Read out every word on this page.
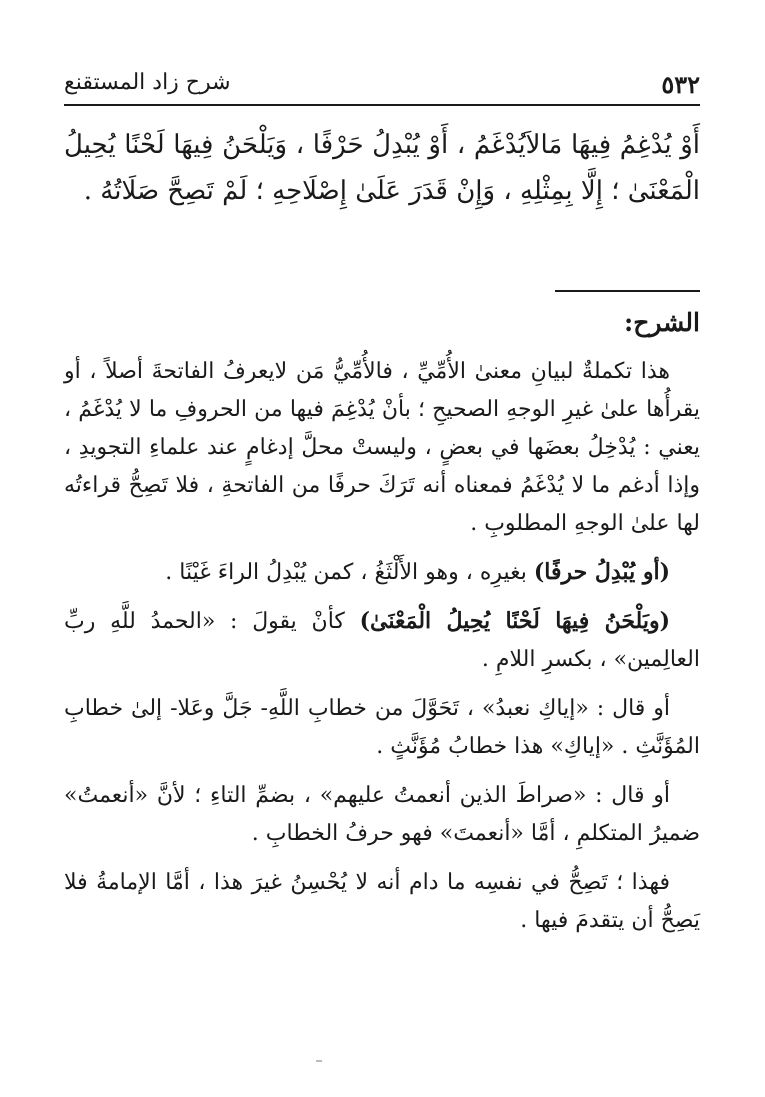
شرح زاد المستقنع	٥٣٢
أَوْ يُدْغِمُ فِيهَا مَالاَيُدْغَمُ ، أَوْ يُبْدِلُ حَرْفًا ، وَيَلْحَنُ فِيهَا لَحْنًا يُحِيلُ الْمَعْنَىٰ ؛ إِلَّا بِمِثْلِهِ ، وَإِنْ قَدَرَ عَلَىٰ إِصْلَاحِهِ ؛ لَمْ تَصِحَّ صَلَاتُهُ .
الشرح:

هذا تكملةٌ لبيانِ معنىٰ الأُمِّيِّ ، فالأُمِّيُّ مَن لايعرفُ الفاتحةَ أصلاً ، أو يقرأُها علىٰ غيرِ الوجهِ الصحيحِ ؛ بأنْ يُدْغِمَ فيها من الحروفِ ما لا يُدْغَمُ ، يعني : يُدْخِلُ بعضَها في بعضٍ ، وليستْ محلَّ إدغامٍ عند علماءِ التجويدِ ، وإذا أدغم ما لا يُدْغَمُ فمعناه أنه تَرَكَ حرفًا من الفاتحةِ ، فلا تَصِحُّ قراءتُه لها علىٰ الوجهِ المطلوبِ .

(أو يُبْدِلُ حرفًا) بغيرِه ، وهو الأَلْثَغُ ، كمن يُبْدِلُ الراءَ غَيْنًا .

(ويَلْحَنُ فِيهَا لَحْنًا يُحِيلُ الْمَعْنَىٰ) كأنْ يقولَ : «الحمدُ للَّهِ ربِّ العالِمين» ، بكسرِ اللامِ .

أو قال : «إياكِ نعبدُ» ، تَحَوَّلَ من خطابِ اللَّهِ- جَلَّ وعَلا- إلىٰ خطابِ المُؤَنَّثِ . «إياكِ» هذا خطابُ مُؤَنَّثٍ .

أو قال : «صراطَ الذين أنعمتُ عليهم» ، بضمِّ التاءِ ؛ لأنَّ «أنعمتُ» ضميرُ المتكلمِ ، أمَّا «أنعمتَ» فهو حرفُ الخطابِ .

فهذا ؛ تَصِحُّ في نفسِه ما دام أنه لا يُحْسِنُ غيرَ هذا ، أمَّا الإمامةُ فلا يَصِحُّ أن يتقدمَ فيها .
